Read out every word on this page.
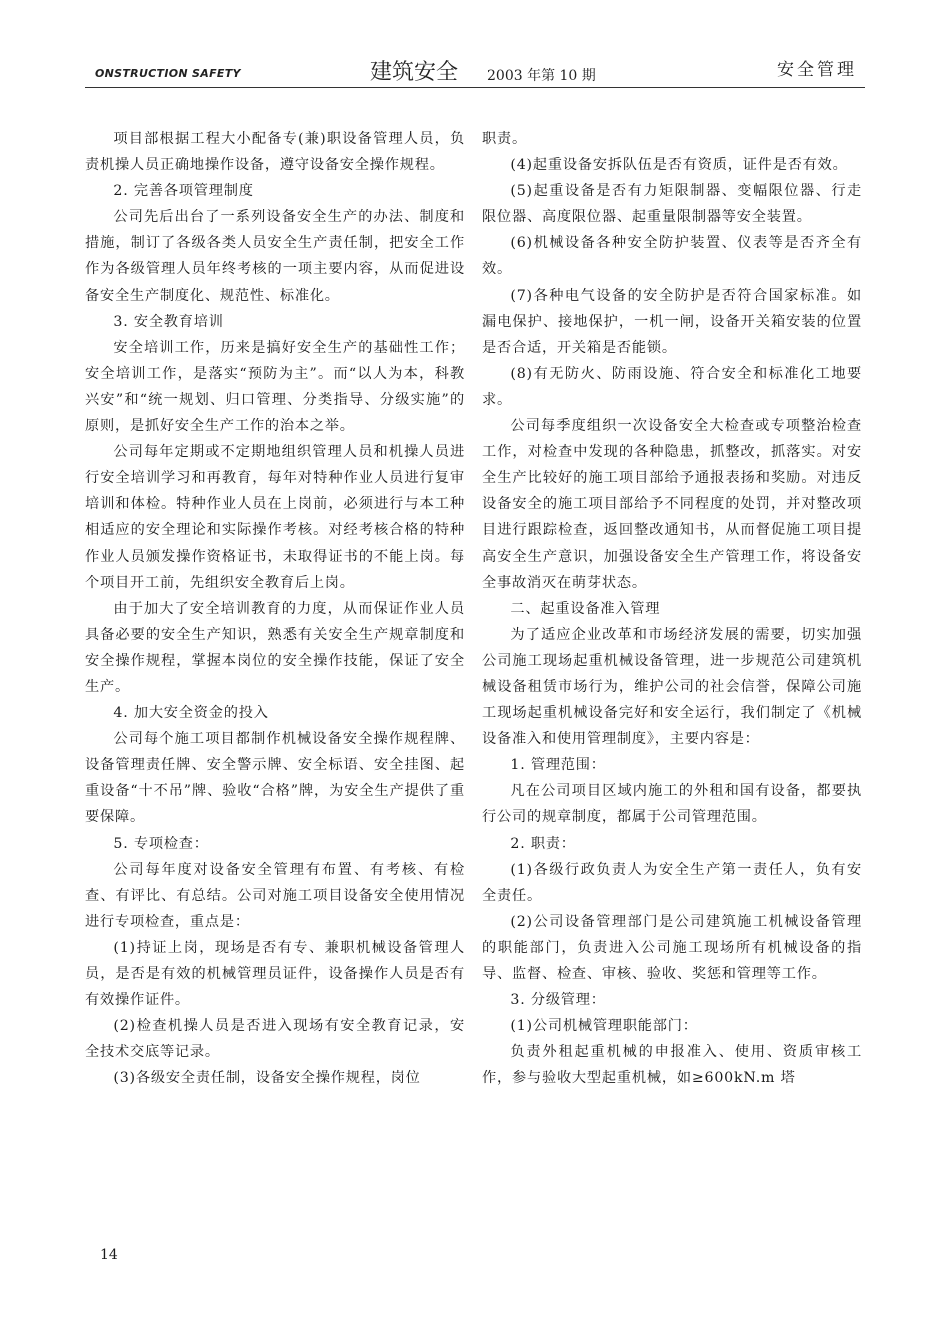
ONSTRUCTION SAFETY	建筑安全 2003 年第 10 期	安全管理

项目部根据工程大小配备专(兼)职设备管理人员，负责机操人员正确地操作设备，遵守设备安全操作规程。

2. 完善各项管理制度

公司先后出台了一系列设备安全生产的办法、制度和措施，制订了各级各类人员安全生产责任制，把安全工作作为各级管理人员年终考核的一项主要内容，从而促进设备安全生产制度化、规范性、标准化。

3. 安全教育培训

安全培训工作，历来是搞好安全生产的基础性工作；安全培训工作，是落实“预防为主”。而“以人为本，科教兴安”和“统一规划、归口管理、分类指导、分级实施”的原则，是抓好安全生产工作的治本之举。

公司每年定期或不定期地组织管理人员和机操人员进行安全培训学习和再教育，每年对特种作业人员进行复审培训和体检。特种作业人员在上岗前，必须进行与本工种相适应的安全理论和实际操作考核。对经考核合格的特种作业人员颁发操作资格证书，未取得证书的不能上岗。每个项目开工前，先组织安全教育后上岗。

由于加大了安全培训教育的力度，从而保证作业人员具备必要的安全生产知识，熟悉有关安全生产规章制度和安全操作规程，掌握本岗位的安全操作技能，保证了安全生产。

4. 加大安全资金的投入

公司每个施工项目都制作机械设备安全操作规程牌、设备管理责任牌、安全警示牌、安全标语、安全挂图、起重设备“十不吊”牌、验收“合格”牌，为安全生产提供了重要保障。

5. 专项检查：

公司每年度对设备安全管理有布置、有考核、有检查、有评比、有总结。公司对施工项目设备安全使用情况进行专项检查，重点是：

(1)持证上岗，现场是否有专、兼职机械设备管理人员，是否是有效的机械管理员证件，设备操作人员是否有有效操作证件。

(2)检查机操人员是否进入现场有安全教育记录，安全技术交底等记录。

(3)各级安全责任制，设备安全操作规程，岗位

职责。

(4)起重设备安拆队伍是否有资质，证件是否有效。

(5)起重设备是否有力矩限制器、变幅限位器、行走限位器、高度限位器、起重量限制器等安全装置。

(6)机械设备各种安全防护装置、仪表等是否齐全有效。

(7)各种电气设备的安全防护是否符合国家标准。如漏电保护、接地保护，一机一闸，设备开关箱安装的位置是否合适，开关箱是否能锁。

(8)有无防火、防雨设施、符合安全和标准化工地要求。

公司每季度组织一次设备安全大检查或专项整治检查工作，对检查中发现的各种隐患，抓整改，抓落实。对安全生产比较好的施工项目部给予通报表扬和奖励。对违反设备安全的施工项目部给予不同程度的处罚，并对整改项目进行跟踪检查，返回整改通知书，从而督促施工项目提高安全生产意识，加强设备安全生产管理工作，将设备安全事故消灭在萌芽状态。

二、起重设备准入管理

为了适应企业改革和市场经济发展的需要，切实加强公司施工现场起重机械设备管理，进一步规范公司建筑机械设备租赁市场行为，维护公司的社会信誉，保障公司施工现场起重机械设备完好和安全运行，我们制定了《机械设备准入和使用管理制度》，主要内容是：

1. 管理范围：

凡在公司项目区域内施工的外租和国有设备，都要执行公司的规章制度，都属于公司管理范围。

2. 职责：

(1)各级行政负责人为安全生产第一责任人，负有安全责任。

(2)公司设备管理部门是公司建筑施工机械设备管理的职能部门，负责进入公司施工现场所有机械设备的指导、监督、检查、审核、验收、奖惩和管理等工作。

3. 分级管理：

(1)公司机械管理职能部门：

负责外租起重机械的申报准入、使用、资质审核工作，参与验收大型起重机械，如≥600kN.m 塔

14
